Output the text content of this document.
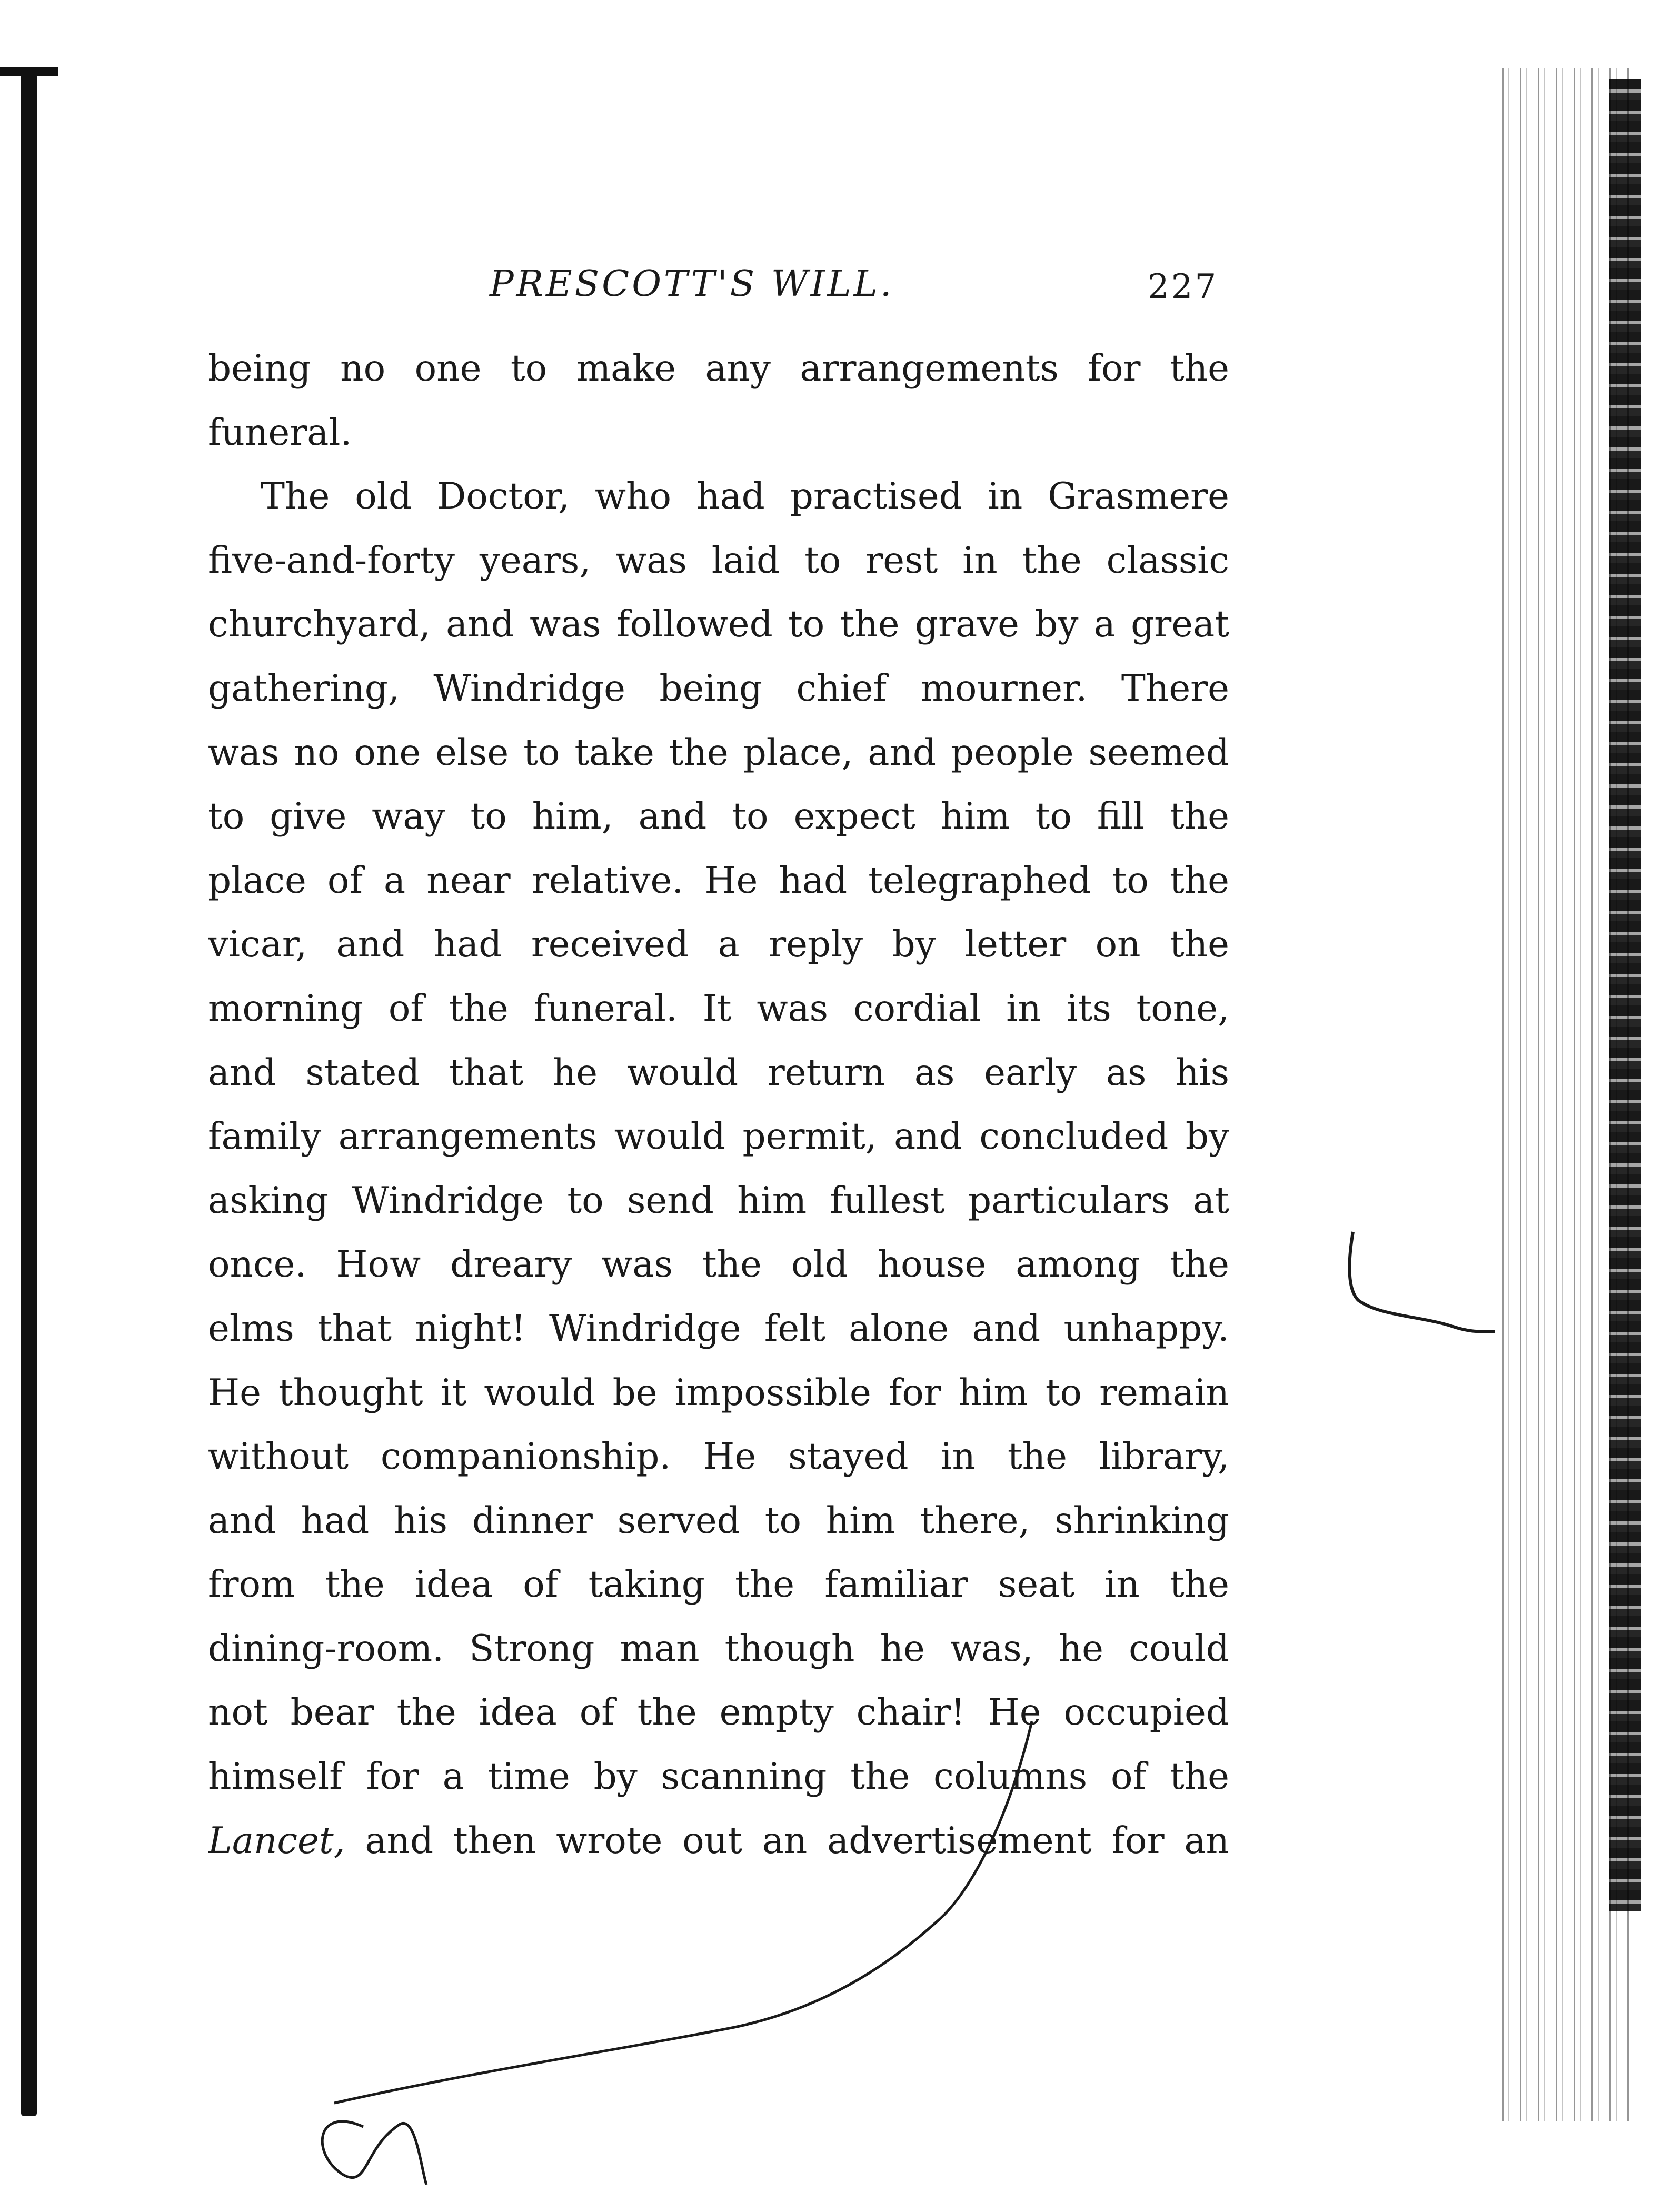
PRESCOTT'S WILL.	227
being no one to make any arrangements for the
funeral.
The old Doctor, who had practised in Grasmere
five-and-forty years, was laid to rest in the classic
churchyard, and was followed to the grave by a great
gathering, Windridge being chief mourner. There
was no one else to take the place, and people seemed
to give way to him, and to expect him to fill the
place of a near relative. He had telegraphed to the
vicar, and had received a reply by letter on the
morning of the funeral. It was cordial in its tone,
and stated that he would return as early as his
family arrangements would permit, and concluded by
asking Windridge to send him fullest particulars at
once. How dreary was the old house among the
elms that night! Windridge felt alone and unhappy.
He thought it would be impossible for him to remain
without companionship. He stayed in the library,
and had his dinner served to him there, shrinking
from the idea of taking the familiar seat in the
dining-room. Strong man though he was, he could
not bear the idea of the empty chair! He occupied
himself for a time by scanning the columns of the
Lancet, and then wrote out an advertisement for an
